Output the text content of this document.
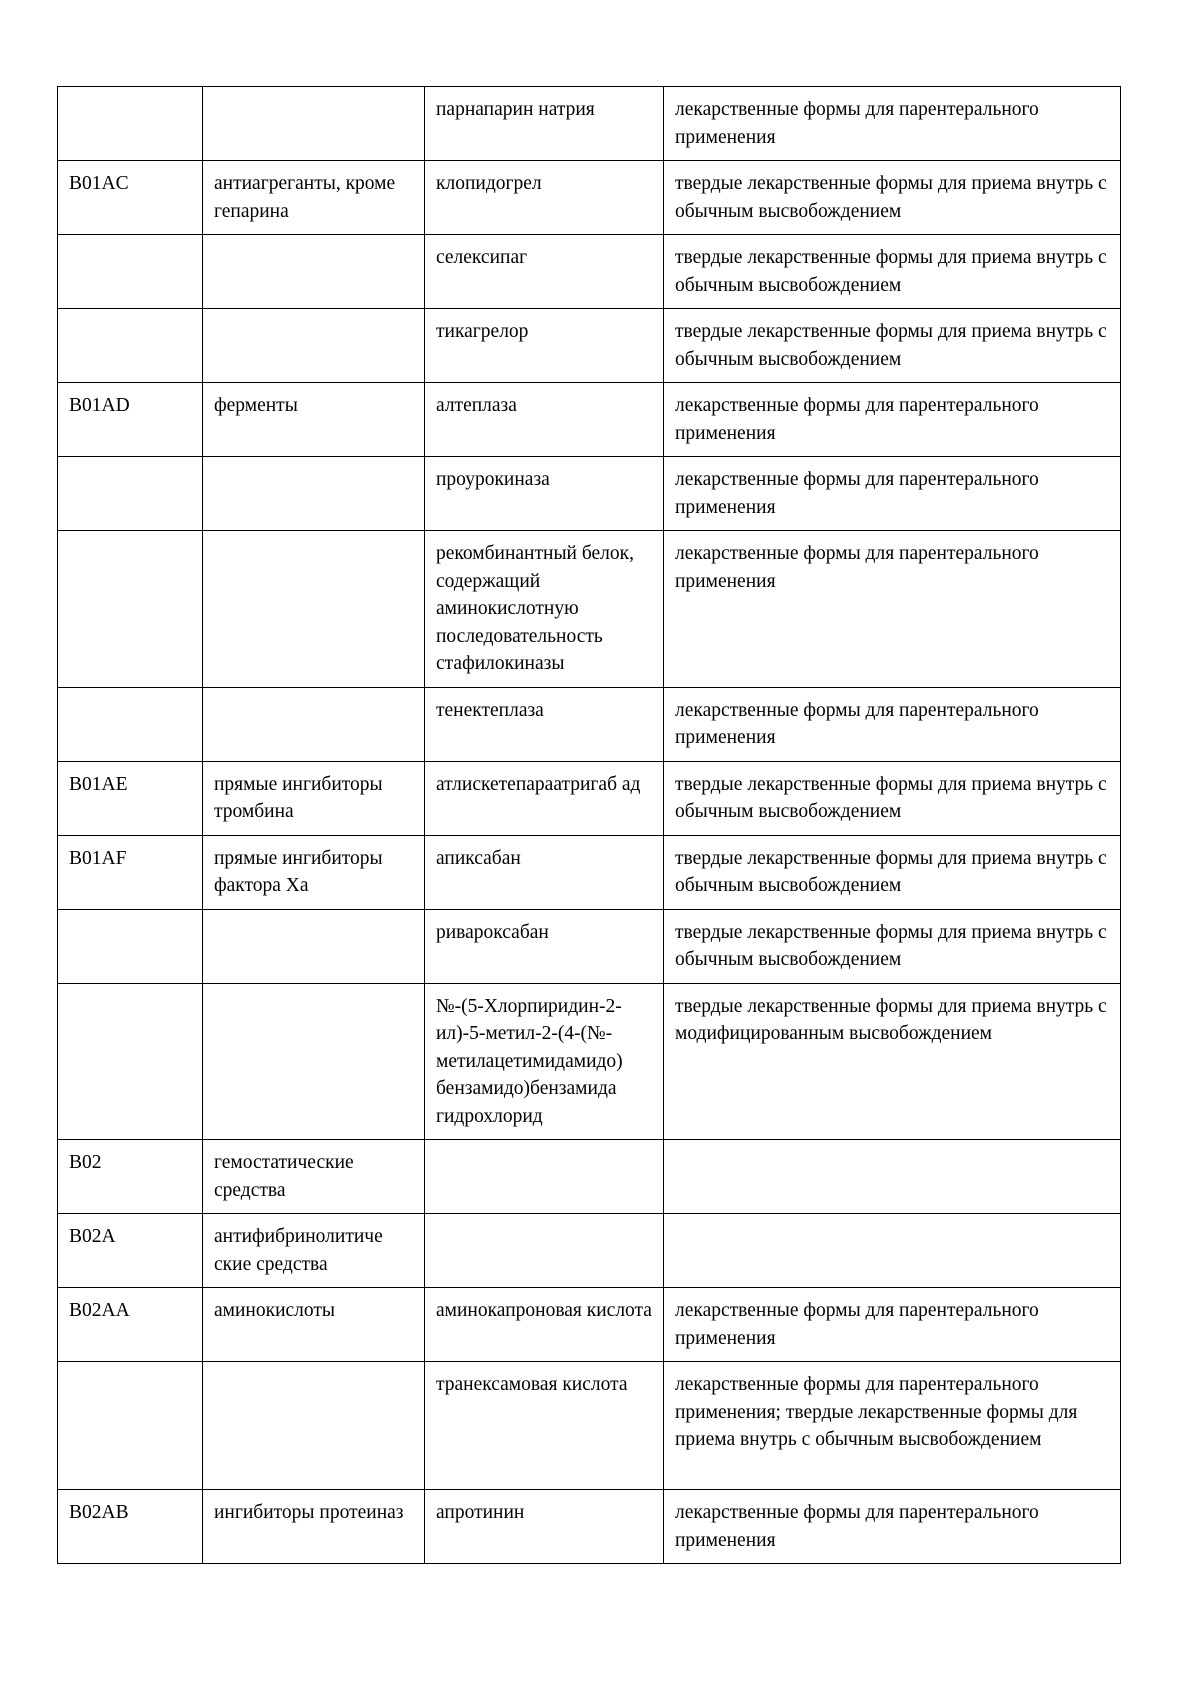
		парнапарин натрия	лекарственные формы для парентерального применения
B01AC	антиагреганты, кроме гепарина	клопидогрел	твердые лекарственные формы для приема внутрь с обычным высвобождением
		селексипаг	твердые лекарственные формы для приема внутрь с обычным высвобождением
		тикагрелор	твердые лекарственные формы для приема внутрь с обычным высвобождением
B01AD	ферменты	алтеплаза	лекарственные формы для парентерального применения
		проурокиназа	лекарственные формы для парентерального применения
		рекомбинантный белок, содержащий аминокислотную последовательность стафилокиназы	лекарственные формы для парентерального применения
		тенектеплаза	лекарственные формы для парентерального применения
B01AE	прямые ингибиторы тромбина	атлискетепараатригаб ад	твердые лекарственные формы для приема внутрь с обычным высвобождением
B01AF	прямые ингибиторы фактора Xa	апиксабан	твердые лекарственные формы для приема внутрь с обычным высвобождением
		ривароксабан	твердые лекарственные формы для приема внутрь с обычным высвобождением
		№-(5-Хлорпиридин-2-ил)-5-метил-2-(4-(№-метилацетимидамидо) бензамидо)бензамида гидрохлорид	твердые лекарственные формы для приема внутрь с модифицированным высвобождением
B02	гемостатические средства		
B02A	антифибринолитиче ские средства		
B02AA	аминокислоты	аминокапроновая кислота	лекарственные формы для парентерального применения
		транексамовая кислота	лекарственные формы для парентерального применения; твердые лекарственные формы для приема внутрь с обычным высвобождением
B02AB	ингибиторы протеиназ	апротинин	лекарственные формы для парентерального применения
